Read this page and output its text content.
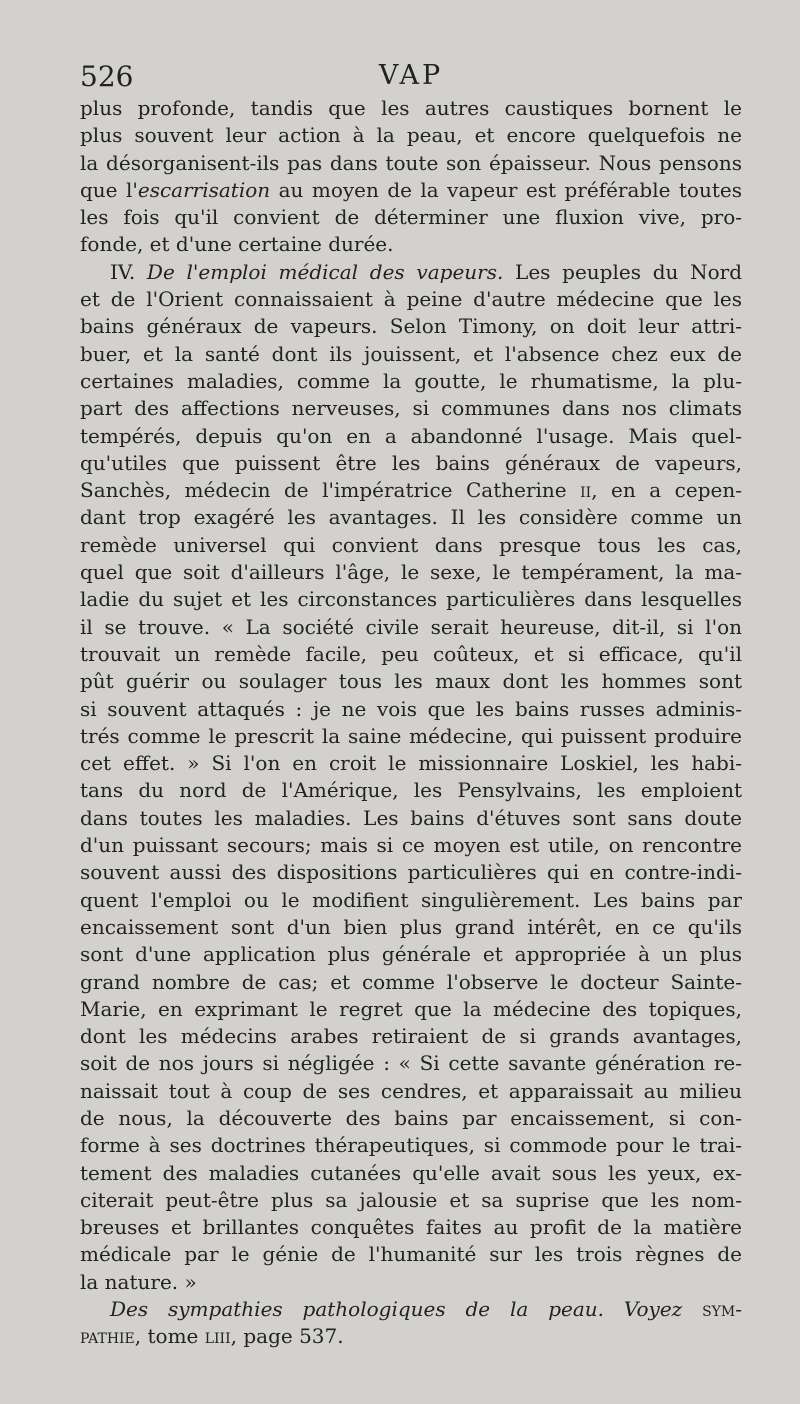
526	VAP
plus profonde, tandis que les autres caustiques bornent le
plus souvent leur action à la peau, et encore quelquefois ne
la désorganisent-ils pas dans toute son épaisseur. Nous pensons
que l'escarrisation au moyen de la vapeur est préférable toutes
les fois qu'il convient de déterminer une fluxion vive, pro-
fonde, et d'une certaine durée.
IV. De l'emploi médical des vapeurs. Les peuples du Nord
et de l'Orient connaissaient à peine d'autre médecine que les
bains généraux de vapeurs. Selon Timony, on doit leur attri-
buer, et la santé dont ils jouissent, et l'absence chez eux de
certaines maladies, comme la goutte, le rhumatisme, la plu-
part des affections nerveuses, si communes dans nos climats
tempérés, depuis qu'on en a abandonné l'usage. Mais quel-
qu'utiles que puissent être les bains généraux de vapeurs,
Sanchès, médecin de l'impératrice Catherine ii, en a cepen-
dant trop exagéré les avantages. Il les considère comme un
remède universel qui convient dans presque tous les cas,
quel que soit d'ailleurs l'âge, le sexe, le tempérament, la ma-
ladie du sujet et les circonstances particulières dans lesquelles
il se trouve. « La société civile serait heureuse, dit-il, si l'on
trouvait un remède facile, peu coûteux, et si efficace, qu'il
pût guérir ou soulager tous les maux dont les hommes sont
si souvent attaqués : je ne vois que les bains russes adminis-
trés comme le prescrit la saine médecine, qui puissent produire
cet effet. » Si l'on en croit le missionnaire Loskiel, les habi-
tans du nord de l'Amérique, les Pensylvains, les emploient
dans toutes les maladies. Les bains d'étuves sont sans doute
d'un puissant secours; mais si ce moyen est utile, on rencontre
souvent aussi des dispositions particulières qui en contre-indi-
quent l'emploi ou le modifient singulièrement. Les bains par
encaissement sont d'un bien plus grand intérêt, en ce qu'ils
sont d'une application plus générale et appropriée à un plus
grand nombre de cas; et comme l'observe le docteur Sainte-
Marie, en exprimant le regret que la médecine des topiques,
dont les médecins arabes retiraient de si grands avantages,
soit de nos jours si négligée : « Si cette savante génération re-
naissait tout à coup de ses cendres, et apparaissait au milieu
de nous, la découverte des bains par encaissement, si con-
forme à ses doctrines thérapeutiques, si commode pour le trai-
tement des maladies cutanées qu'elle avait sous les yeux, ex-
citerait peut-être plus sa jalousie et sa suprise que les nom-
breuses et brillantes conquêtes faites au profit de la matière
médicale par le génie de l'humanité sur les trois règnes de
la nature. »
Des sympathies pathologiques de la peau. Voyez sym-
pathie, tome liii, page 537.
